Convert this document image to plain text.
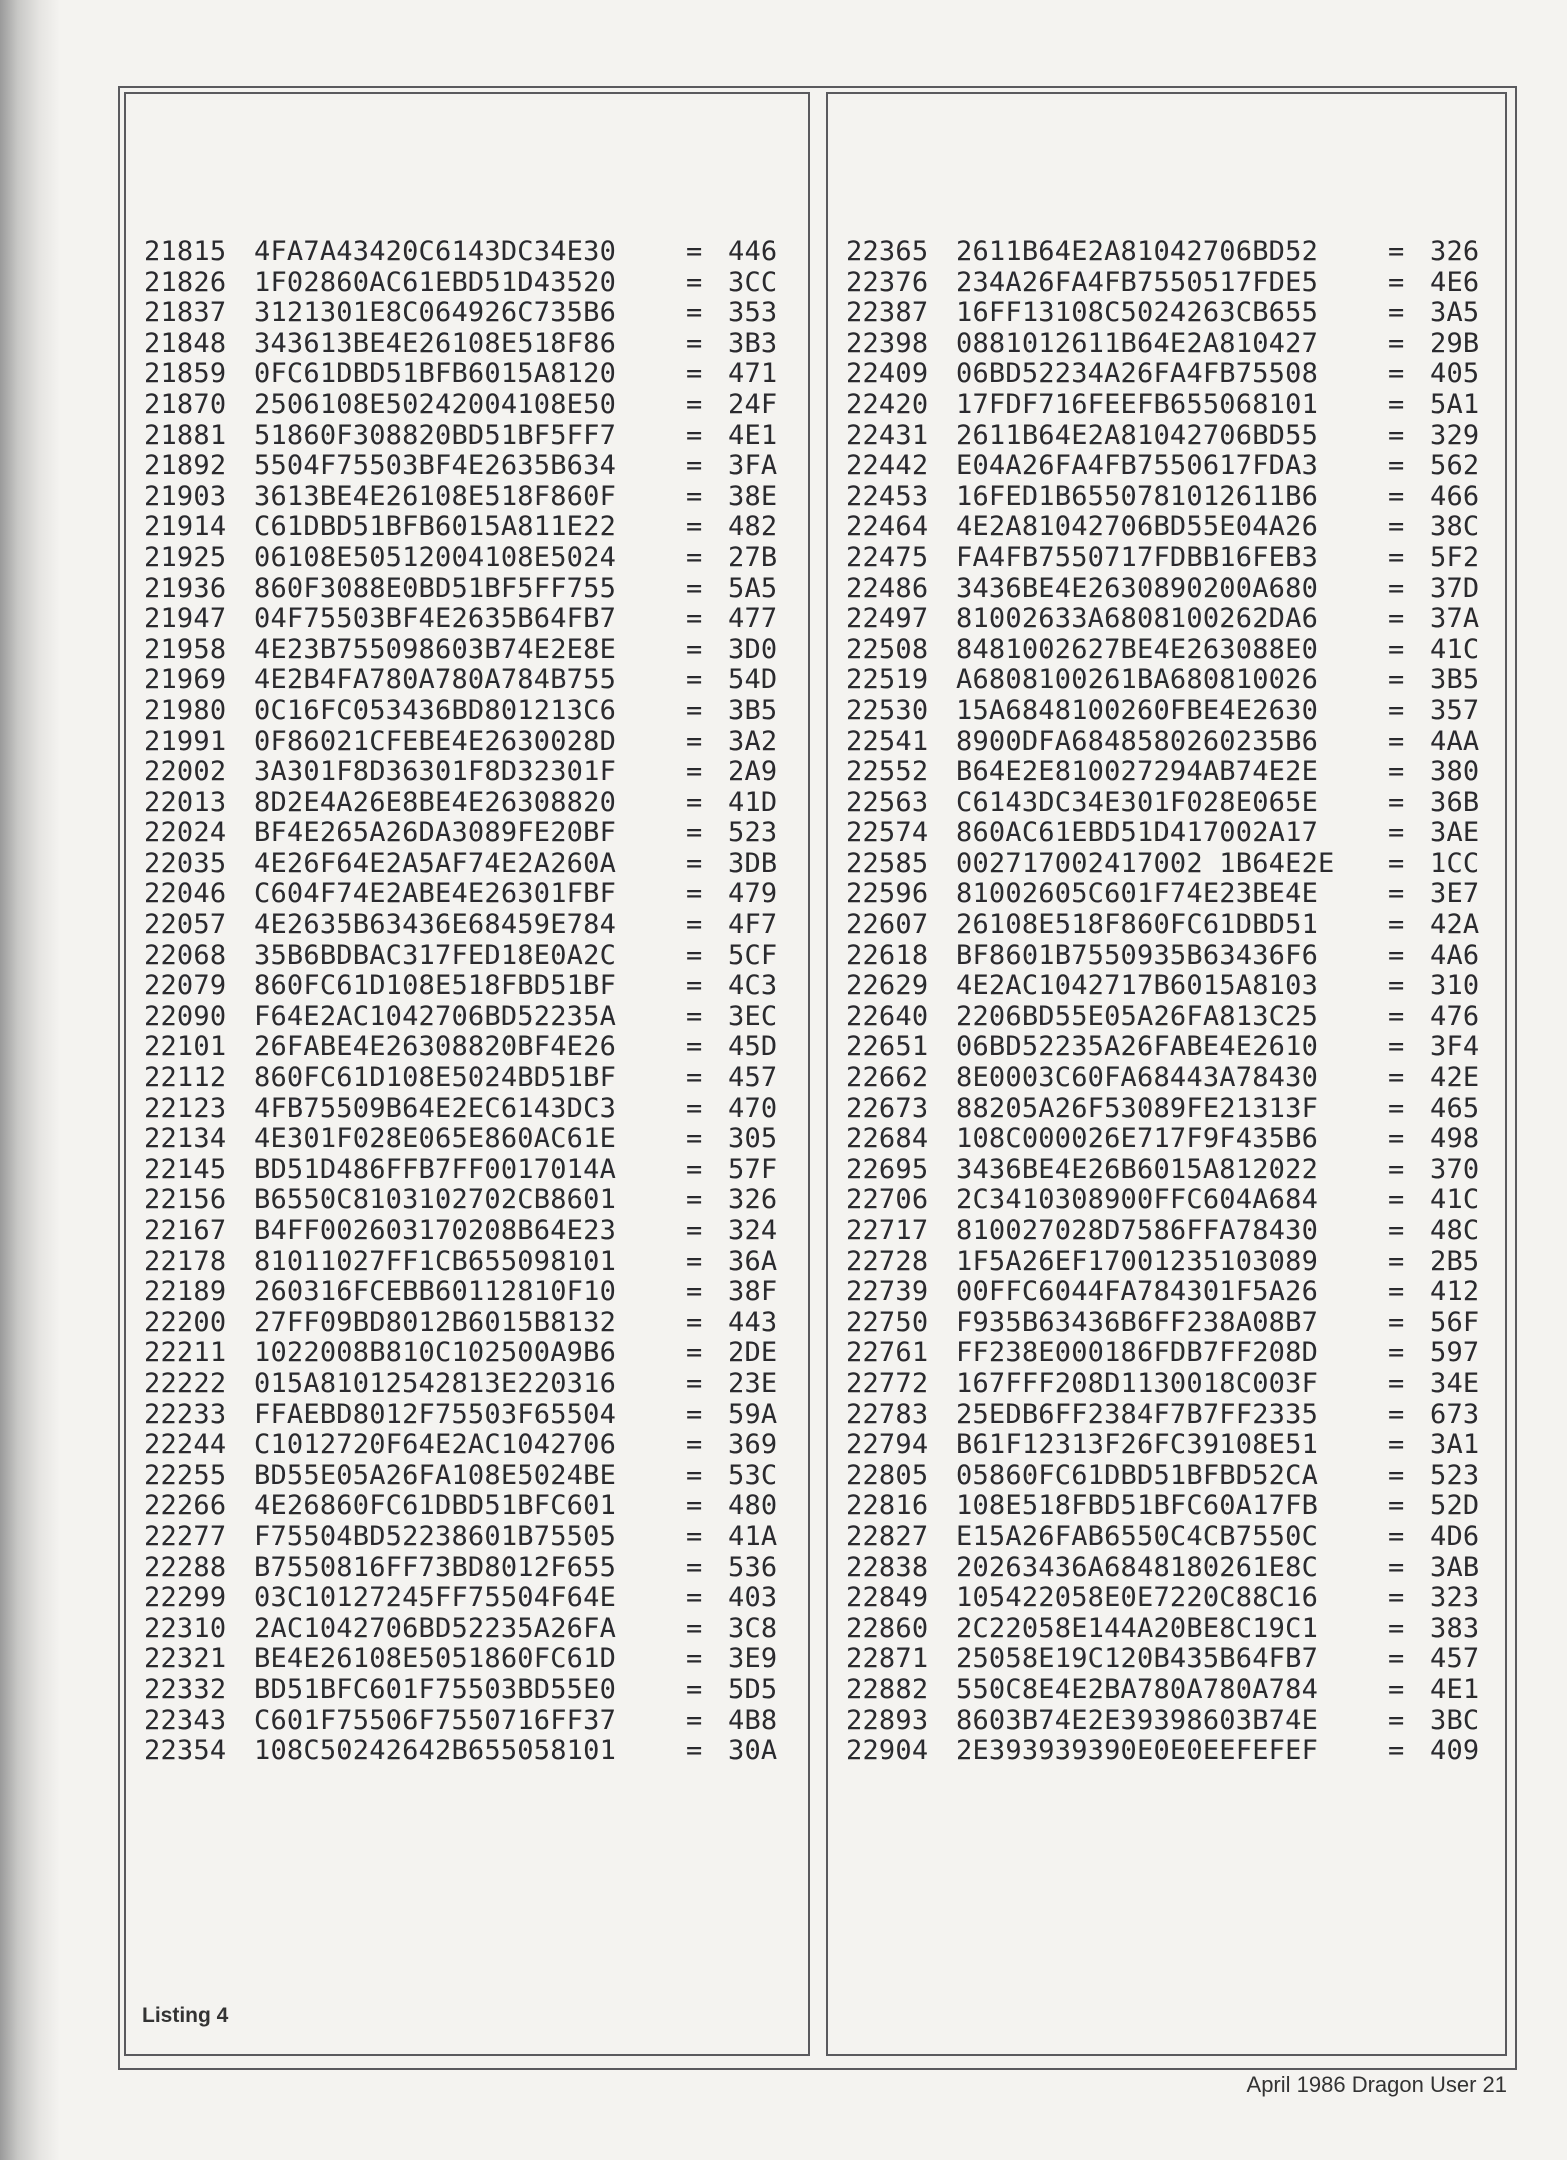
21815 4FA7A43420C6143DC34E30	= 446
21826 1F02860AC61EBD51D43520	= 3CC
21837 3121301E8C064926C735B6	= 353
21848 343613BE4E26108E518F86	= 3B3
21859 0FC61DBD51BFB6015A8120	= 471
21870 2506108E50242004108E50	= 24F
21881 51860F308820BD51BF5FF7	= 4E1
21892 5504F75503BF4E2635B634	= 3FA
21903 3613BE4E26108E518F860F	= 38E
21914 C61DBD51BFB6015A811E22	= 482
21925 06108E50512004108E5024	= 27B
21936 860F3088E0BD51BF5FF755	= 5A5
21947 04F75503BF4E2635B64FB7	= 477
21958 4E23B755098603B74E2E8E	= 3D0
21969 4E2B4FA780A780A784B755	= 54D
21980 0C16FC053436BD801213C6	= 3B5
21991 0F86021CFEBE4E2630028D	= 3A2
22002 3A301F8D36301F8D32301F	= 2A9
22013 8D2E4A26E8BE4E26308820	= 41D
22024 BF4E265A26DA3089FE20BF	= 523
22035 4E26F64E2A5AF74E2A260A	= 3DB
22046 C604F74E2ABE4E26301FBF	= 479
22057 4E2635B63436E68459E784	= 4F7
22068 35B6BDBAC317FED18E0A2C	= 5CF
22079 860FC61D108E518FBD51BF	= 4C3
22090 F64E2AC1042706BD52235A	= 3EC
22101 26FABE4E26308820BF4E26	= 45D
22112 860FC61D108E5024BD51BF	= 457
22123 4FB75509B64E2EC6143DC3	= 470
22134 4E301F028E065E860AC61E	= 305
22145 BD51D486FFB7FF0017014A	= 57F
22156 B6550C8103102702CB8601	= 326
22167 B4FF002603170208B64E23	= 324
22178 81011027FF1CB655098101	= 36A
22189 260316FCEBB60112810F10	= 38F
22200 27FF09BD8012B6015B8132	= 443
22211 1022008B810C102500A9B6	= 2DE
22222 015A81012542813E220316	= 23E
22233 FFAEBD8012F75503F65504	= 59A
22244 C1012720F64E2AC1042706	= 369
22255 BD55E05A26FA108E5024BE	= 53C
22266 4E26860FC61DBD51BFC601	= 480
22277 F75504BD52238601B75505	= 41A
22288 B7550816FF73BD8012F655	= 536
22299 03C10127245FF75504F64E	= 403
22310 2AC1042706BD52235A26FA	= 3C8
22321 BE4E26108E5051860FC61D	= 3E9
22332 BD51BFC601F75503BD55E0	= 5D5
22343 C601F75506F7550716FF37	= 4B8
22354 108C50242642B655058101	= 30A
Listing 4
22365 2611B64E2A81042706BD52	= 326
22376 234A26FA4FB7550517FDE5	= 4E6
22387 16FF13108C5024263CB655	= 3A5
22398 0881012611B64E2A810427	= 29B
22409 06BD52234A26FA4FB75508	= 405
22420 17FDF716FEEFB655068101	= 5A1
22431 2611B64E2A81042706BD55	= 329
22442 E04A26FA4FB7550617FDA3	= 562
22453 16FED1B6550781012611B6	= 466
22464 4E2A81042706BD55E04A26	= 38C
22475 FA4FB7550717FDBB16FEB3	= 5F2
22486 3436BE4E2630890200A680	= 37D
22497 81002633A6808100262DA6	= 37A
22508 8481002627BE4E263088E0	= 41C
22519 A6808100261BA680810026	= 3B5
22530 15A6848100260FBE4E2630	= 357
22541 8900DFA6848580260235B6	= 4AA
22552 B64E2E810027294AB74E2E	= 380
22563 C6143DC34E301F028E065E	= 36B
22574 860AC61EBD51D417002A17	= 3AE
22585 002717002417002 1B64E2E = 1CC
22596 81002605C601F74E23BE4E	= 3E7
22607 26108E518F860FC61DBD51	= 42A
22618 BF8601B7550935B63436F6	= 4A6
22629 4E2AC1042717B6015A8103	= 310
22640 2206BD55E05A26FA813C25	= 476
22651 06BD52235A26FABE4E2610	= 3F4
22662 8E0003C60FA68443A78430	= 42E
22673 88205A26F53089FE21313F	= 465
22684 108C000026E717F9F435B6	= 498
22695 3436BE4E26B6015A812022	= 370
22706 2C3410308900FFC604A684	= 41C
22717 810027028D7586FFA78430	= 48C
22728 1F5A26EF17001235103089	= 2B5
22739 00FFC6044FA784301F5A26	= 412
22750 F935B63436B6FF238A08B7	= 56F
22761 FF238E000186FDB7FF208D	= 597
22772 167FFF208D1130018C003F	= 34E
22783 25EDB6FF2384F7B7FF2335	= 673
22794 B61F12313F26FC39108E51	= 3A1
22805 05860FC61DBD51BFBD52CA	= 523
22816 108E518FBD51BFC60A17FB	= 52D
22827 E15A26FAB6550C4CB7550C	= 4D6
22838 20263436A6848180261E8C	= 3AB
22849 105422058E0E7220C88C16	= 323
22860 2C22058E144A20BE8C19C1	= 383
22871 25058E19C120B435B64FB7	= 457
22882 550C8E4E2BA780A780A784	= 4E1
22893 8603B74E2E39398603B74E	= 3BC
22904 2E393939390E0E0EEFEFEF	= 409
April 1986 Dragon User 21
